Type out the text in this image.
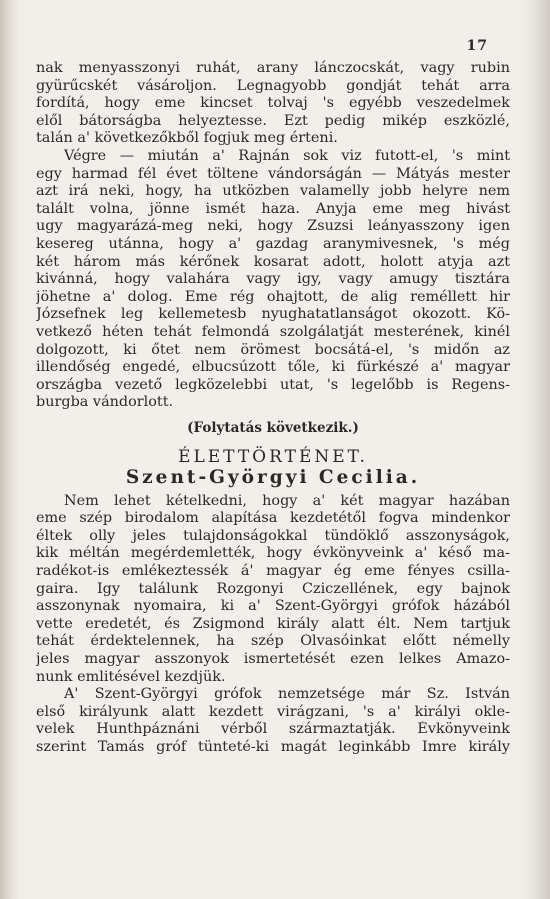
17
nak menyasszonyi ruhát, arany lánczocskát, vagy rubin
gyürűcskét vásároljon. Legnagyobb gondját tehát arra
fordítá, hogy eme kincset tolvaj 's egyébb veszedelmek
elől bátorságba helyeztesse. Ezt pedig mikép eszközlé,
talán a' következőkből fogjuk meg érteni.
Végre — miután a' Rajnán sok viz futott-el, 's mint
egy harmad fél évet töltene vándorságán — Mátyás mester
azt irá neki, hogy, ha utközben valamelly jobb helyre nem
talált volna, jönne ismét haza. Anyja eme meg hivást
ugy magyarázá-meg neki, hogy Zsuzsi leányasszony igen
kesereg utánna, hogy a' gazdag aranymivesnek, 's még
két három más kérőnek kosarat adott, holott atyja azt
kivánná, hogy valahára vagy igy, vagy amugy tisztára
jöhetne a' dolog. Eme rég ohajtott, de alig reméllett hir
Józsefnek leg kellemetesb nyughatatlanságot okozott. Kö-
vetkező héten tehát felmondá szolgálatját mesterének, kinél
dolgozott, ki őtet nem örömest bocsátá-el, 's midőn az
illendőség engedé, elbucsúzott tőle, ki fürkészé a' magyar
országba vezető legközelebbi utat, 's legelőbb is Regens-
burgba vándorlott.
(Folytatás következik.)
ÉLETTÖRTÉNET.
Szent-Györgyi Cecilia.
Nem lehet kételkedni, hogy a' két magyar hazában
eme szép birodalom alapítása kezdetétől fogva mindenkor
éltek olly jeles tulajdonságokkal tündöklő asszonyságok,
kik méltán megérdemlették, hogy évkönyveink a' késő ma-
radékot-is emlékeztessék á' magyar ég eme fényes csilla-
gaira. Igy találunk Rozgonyi Cziczellének, egy bajnok
asszonynak nyomaira, ki a' Szent-Györgyi grófok házából
vette eredetét, és Zsigmond király alatt élt. Nem tartjuk
tehát érdektelennek, ha szép Olvasóinkat előtt némelly
jeles magyar asszonyok ismertetését ezen lelkes Amazo-
nunk emlitésével kezdjük.
A' Szent-Györgyi grófok nemzetsége már Sz. István
első királyunk alatt kezdett virágzani, 's a' királyi okle-
velek Hunthpáznáni vérből származtatják. Évkönyveink
szerint Tamás gróf tünteté-ki magát leginkább Imre király
